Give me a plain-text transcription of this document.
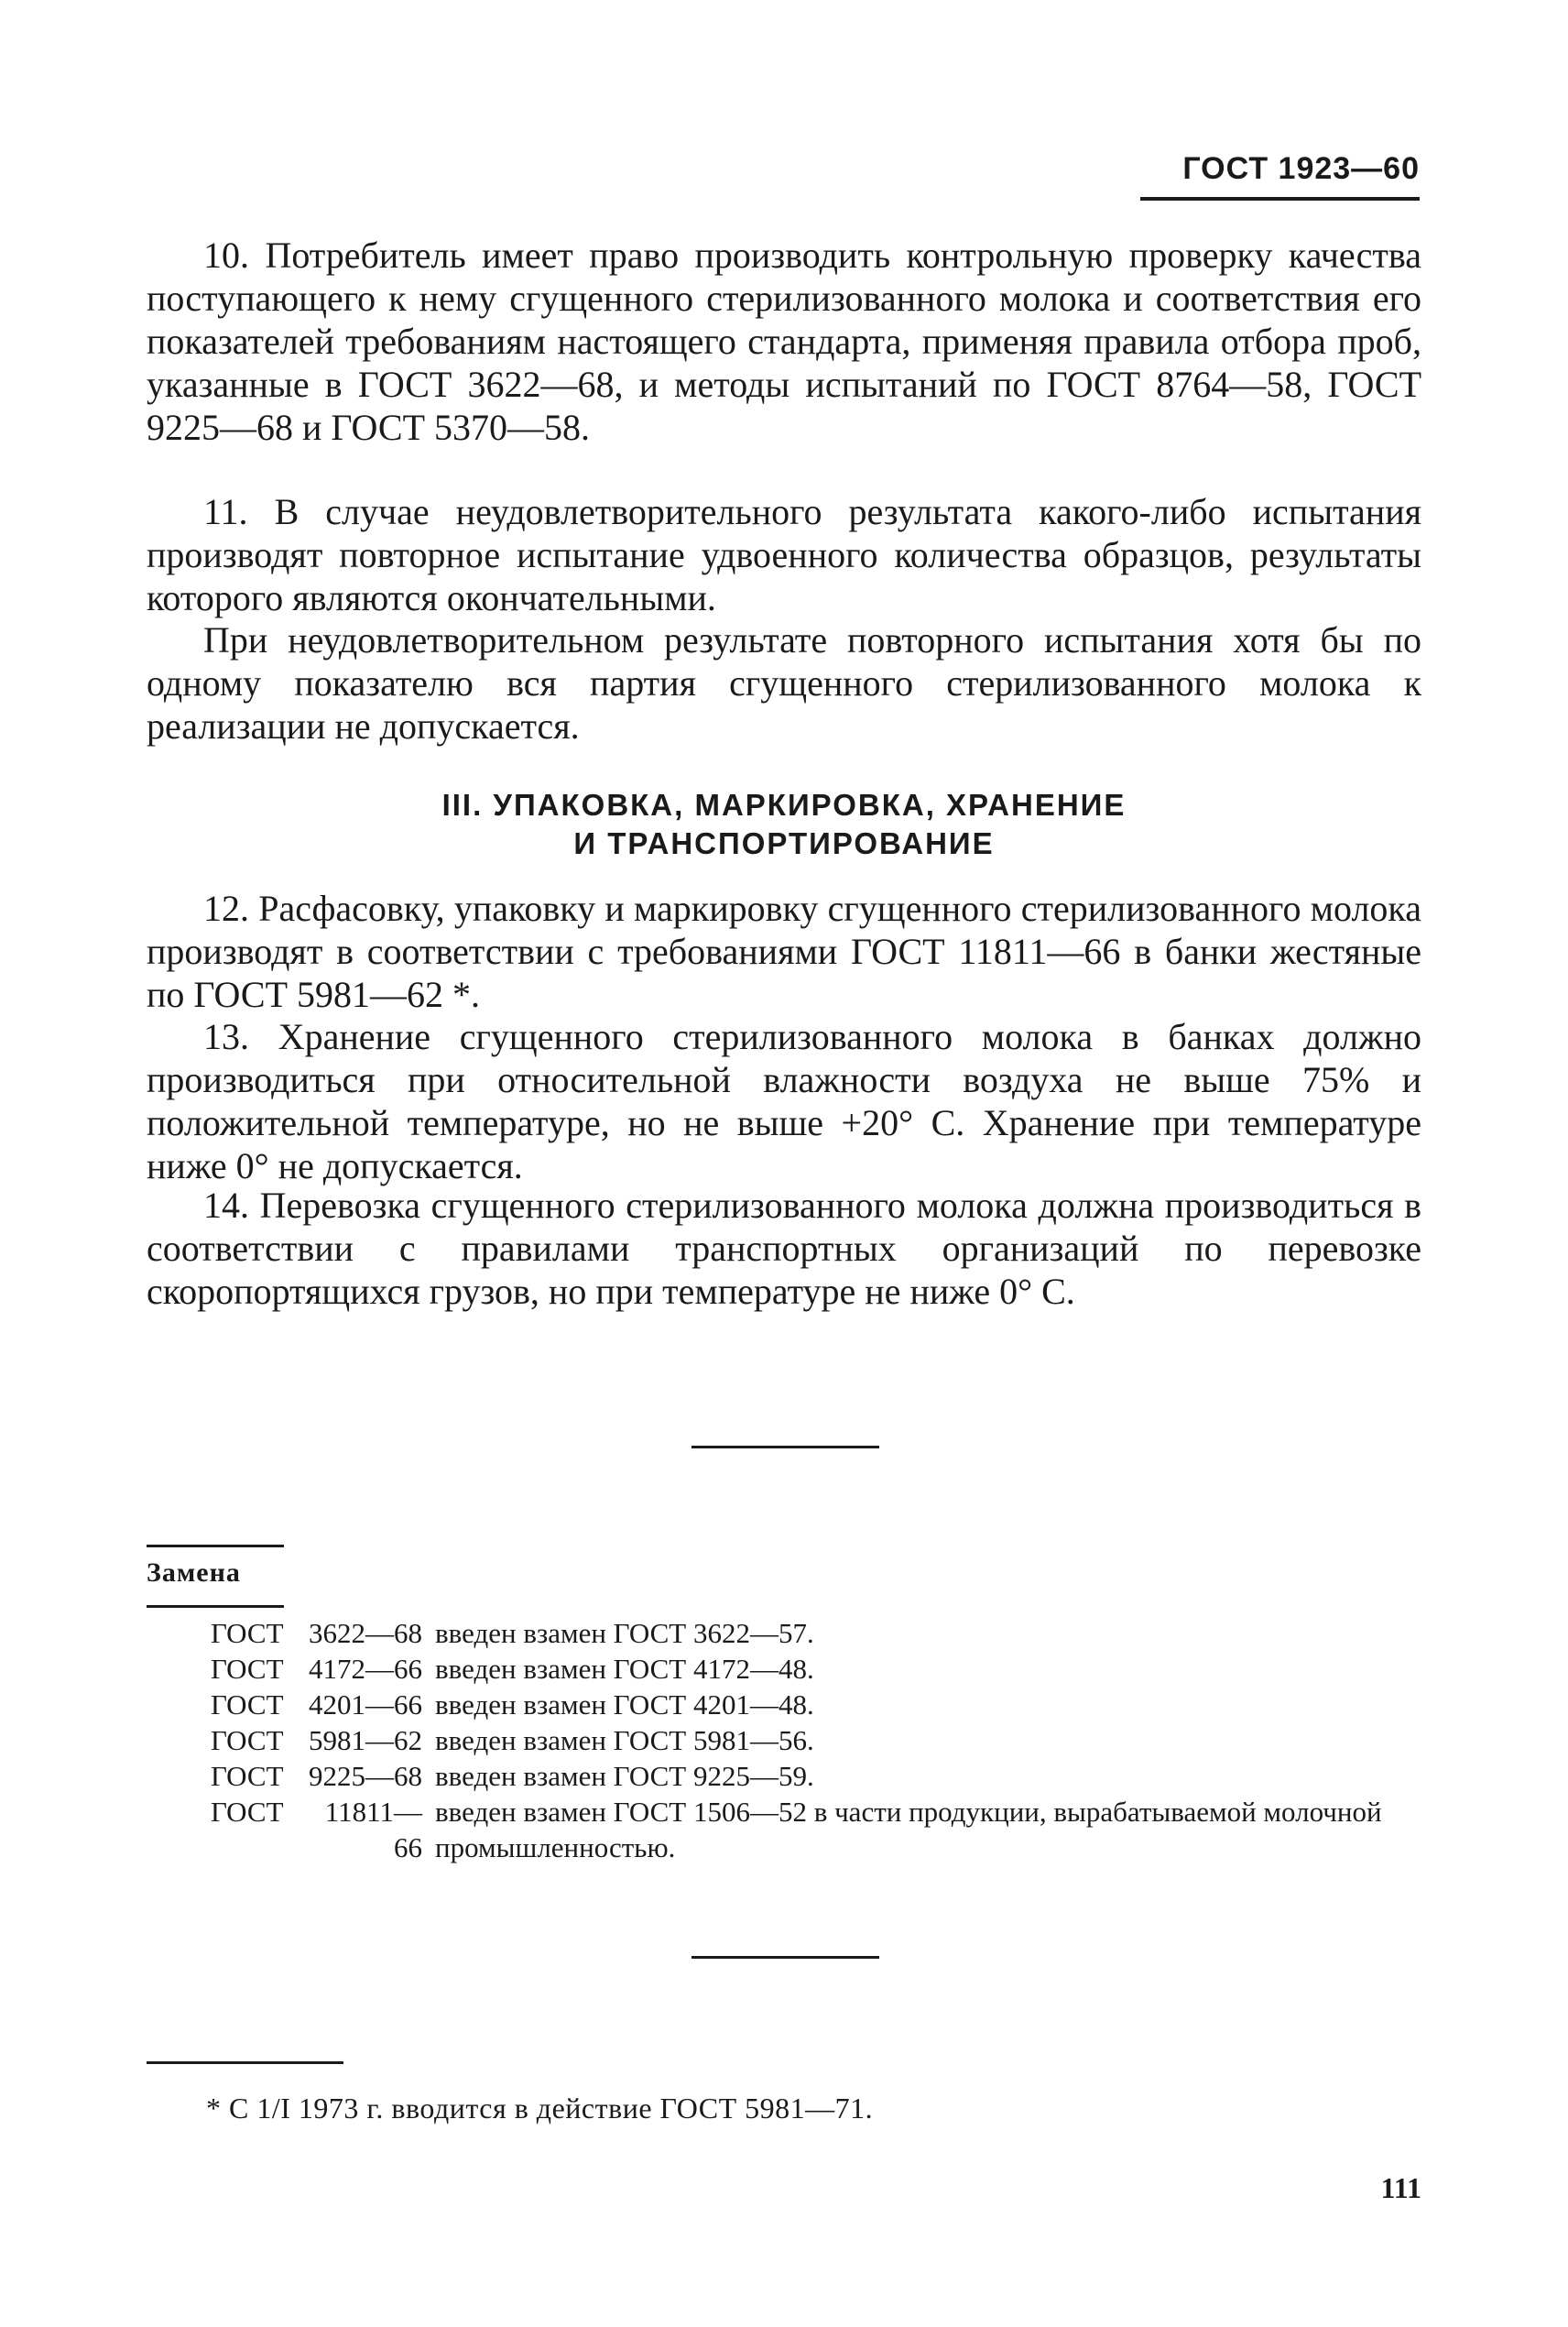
ГОСТ 1923—60

10. Потребитель имеет право производить контрольную проверку качества поступающего к нему сгущенного стерилизованного молока и соответствия его показателей требованиям настоящего стандарта, применяя правила отбора проб, указанные в ГОСТ 3622—68, и методы испытаний по ГОСТ 8764—58, ГОСТ 9225—68 и ГОСТ 5370—58.

11. В случае неудовлетворительного результата какого-либо испытания производят повторное испытание удвоенного количества образцов, результаты которого являются окончательными.

При неудовлетворительном результате повторного испытания хотя бы по одному показателю вся партия сгущенного стерилизованного молока к реализации не допускается.

III. УПАКОВКА, МАРКИРОВКА, ХРАНЕНИЕ
И ТРАНСПОРТИРОВАНИЕ

12. Расфасовку, упаковку и маркировку сгущенного стерилизованного молока производят в соответствии с требованиями ГОСТ 11811—66 в банки жестяные по ГОСТ 5981—62 *.

13. Хранение сгущенного стерилизованного молока в банках должно производиться при относительной влажности воздуха не выше 75% и положительной температуре, но не выше +20° С. Хранение при температуре ниже 0° не допускается.

14. Перевозка сгущенного стерилизованного молока должна производиться в соответствии с правилами транспортных организаций по перевозке скоропортящихся грузов, но при температуре не ниже 0° С.

Замена
ГОСТ 3622—68 введен взамен ГОСТ 3622—57.
ГОСТ 4172—66 введен взамен ГОСТ 4172—48.
ГОСТ 4201—66 введен взамен ГОСТ 4201—48.
ГОСТ 5981—62 введен взамен ГОСТ 5981—56.
ГОСТ 9225—68 введен взамен ГОСТ 9225—59.
ГОСТ	11811—66
введен взамен ГОСТ 1506—52 в части продукции, вырабатываемой молочной промышленностью.
* С 1/I 1973 г. вводится в действие ГОСТ 5981—71.
111
